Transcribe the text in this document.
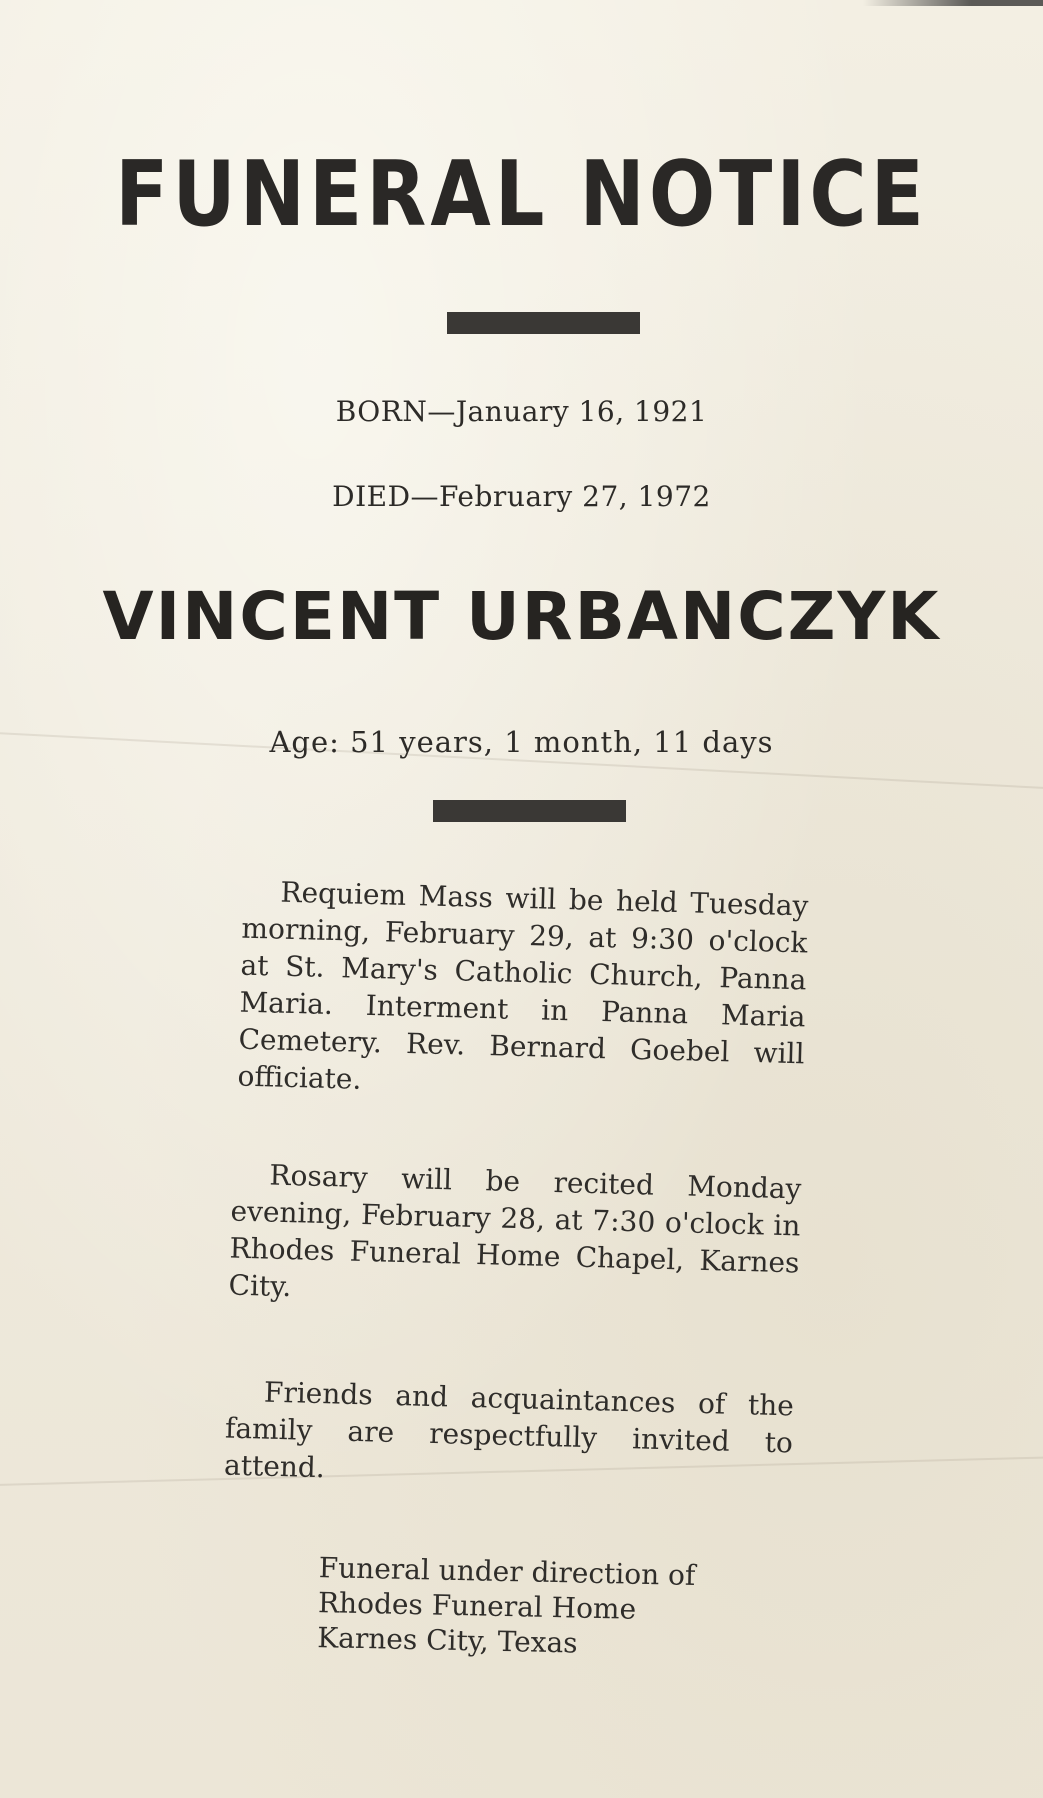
FUNERAL NOTICE
BORN—January 16, 1921
DIED—February 27, 1972
VINCENT URBANCZYK
Age: 51 years, 1 month, 11 days
Requiem Mass will be held Tuesday morning, February 29, at 9:30 o'clock at St. Mary's Catholic Church, Panna Maria. Interment in Panna Maria Cemetery. Rev. Bernard Goebel will officiate.
Rosary will be recited Monday evening, February 28, at 7:30 o'clock in Rhodes Funeral Home Chapel, Karnes City.
Friends and acquaintances of the family are respectfully invited to attend.
Funeral under direction of
Rhodes Funeral Home
Karnes City, Texas
